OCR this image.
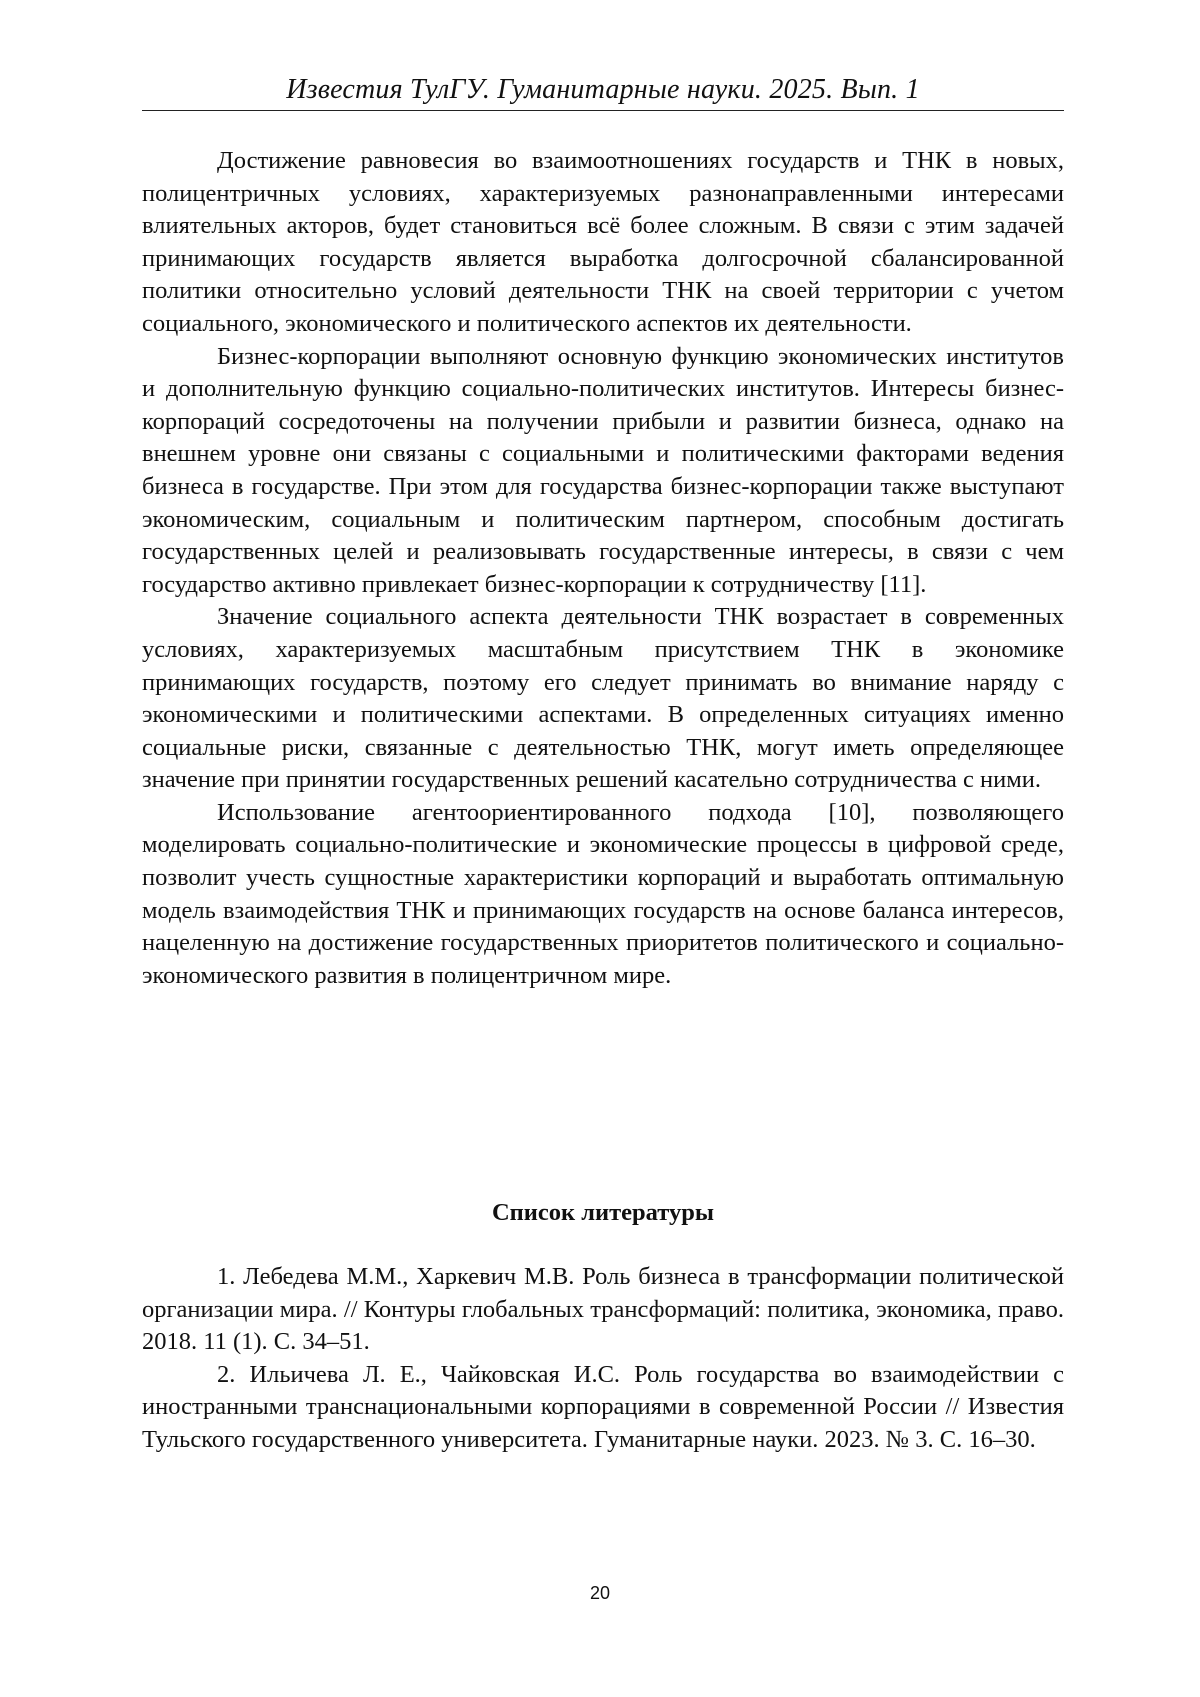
Известия ТулГУ. Гуманитарные науки. 2025. Вып. 1

Достижение равновесия во взаимоотношениях государств и ТНК в новых, полицентричных условиях, характеризуемых разнонаправленными интересами влиятельных акторов, будет становиться всё более сложным. В связи с этим задачей принимающих государств является выработка долгосрочной сбалансированной политики относительно условий деятельности ТНК на своей территории с учетом социального, экономического и политического аспектов их деятельности.

Бизнес-корпорации выполняют основную функцию экономических институтов и дополнительную функцию социально-политических институтов. Интересы бизнес-корпораций сосредоточены на получении прибыли и развитии бизнеса, однако на внешнем уровне они связаны с социальными и политическими факторами ведения бизнеса в государстве. При этом для государства бизнес-корпорации также выступают экономическим, социальным и политическим партнером, способным достигать государственных целей и реализовывать государственные интересы, в связи с чем государство активно привлекает бизнес-корпорации к сотрудничеству [11].

Значение социального аспекта деятельности ТНК возрастает в современных условиях, характеризуемых масштабным присутствием ТНК в экономике принимающих государств, поэтому его следует принимать во внимание наряду с экономическими и политическими аспектами. В определенных ситуациях именно социальные риски, связанные с деятельностью ТНК, могут иметь определяющее значение при принятии государственных решений касательно сотрудничества с ними.

Использование агентоориентированного подхода [10], позволяющего моделировать социально-политические и экономические процессы в цифровой среде, позволит учесть сущностные характеристики корпораций и выработать оптимальную модель взаимодействия ТНК и принимающих государств на основе баланса интересов, нацеленную на достижение государственных приоритетов политического и социально-экономического развития в полицентричном мире.

Список литературы

1. Лебедева М.М., Харкевич М.В. Роль бизнеса в трансформации политической организации мира. // Контуры глобальных трансформаций: политика, экономика, право. 2018. 11 (1). С. 34–51.

2. Ильичева Л. Е., Чайковская И.С. Роль государства во взаимодействии с иностранными транснациональными корпорациями в современной России // Известия Тульского государственного университета. Гуманитарные науки. 2023. № 3. С. 16–30.

20
